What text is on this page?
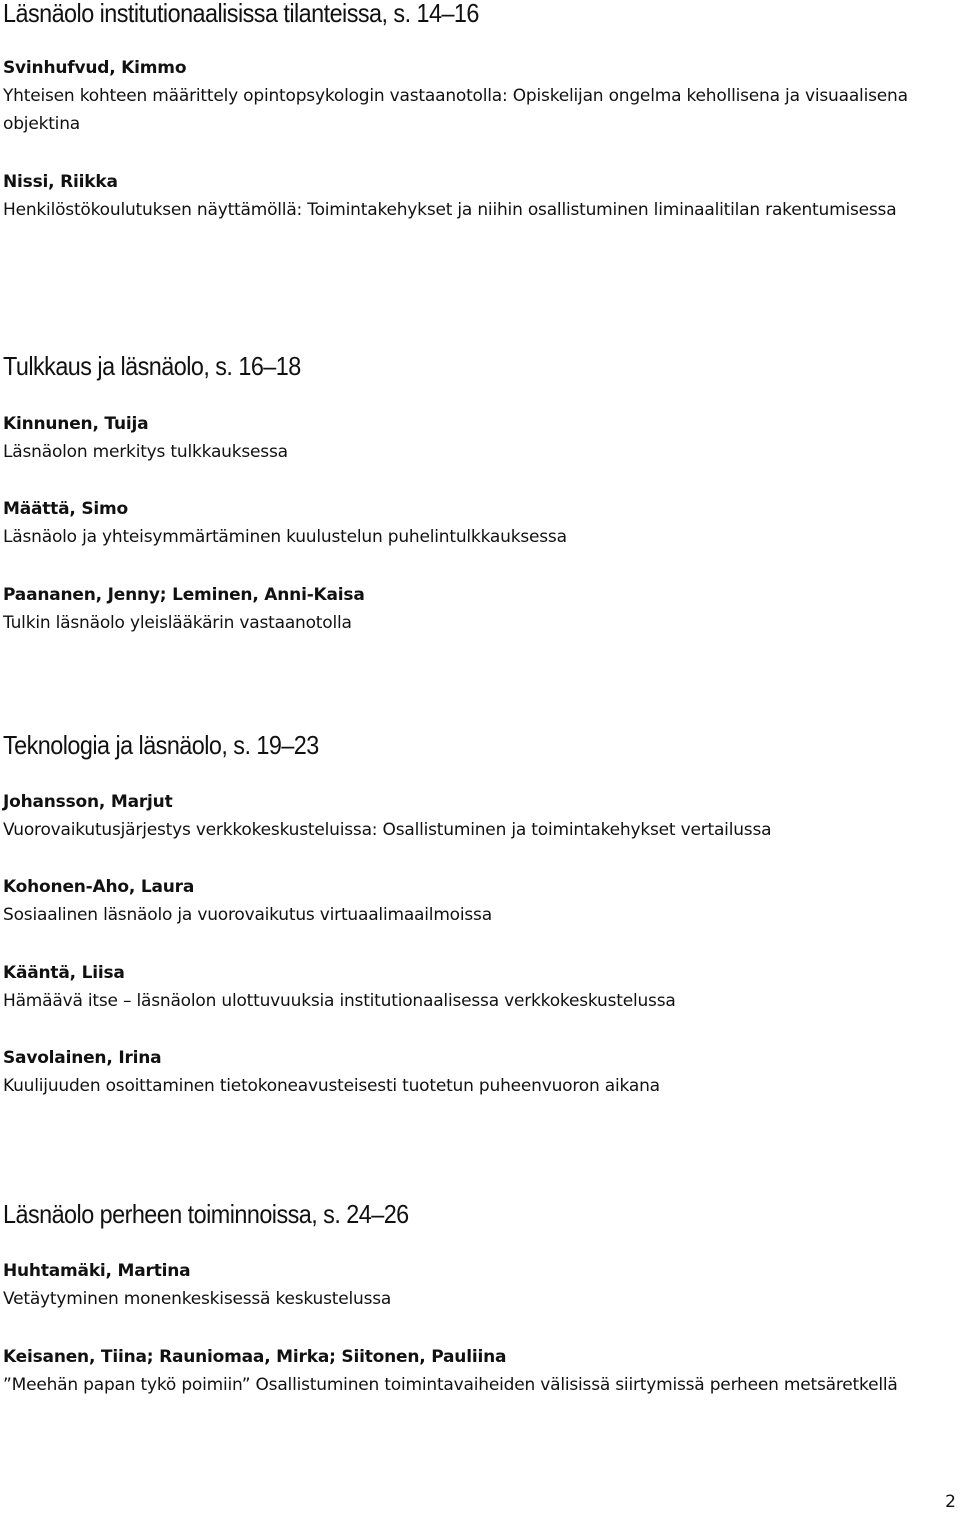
Läsnäolo institutionaalisissa tilanteissa, s. 14–16

Svinhufvud, Kimmo

Yhteisen kohteen määrittely opintopsykologin vastaanotolla: Opiskelijan ongelma kehollisena ja visuaalisena objektina

Nissi, Riikka

Henkilöstökoulutuksen näyttämöllä: Toimintakehykset ja niihin osallistuminen liminaalitilan rakentumisessa

Tulkkaus ja läsnäolo, s. 16–18

Kinnunen, Tuija

Läsnäolon merkitys tulkkauksessa

Määttä, Simo

Läsnäolo ja yhteisymmärtäminen kuulustelun puhelintulkkauksessa

Paananen, Jenny; Leminen, Anni-Kaisa

Tulkin läsnäolo yleislääkärin vastaanotolla

Teknologia ja läsnäolo, s. 19–23

Johansson, Marjut

Vuorovaikutusjärjestys verkkokeskusteluissa: Osallistuminen ja toimintakehykset vertailussa

Kohonen-Aho, Laura

Sosiaalinen läsnäolo ja vuorovaikutus virtuaalimaailmoissa

Kääntä, Liisa

Hämäävä itse – läsnäolon ulottuvuuksia institutionaalisessa verkkokeskustelussa

Savolainen, Irina

Kuulijuuden osoittaminen tietokoneavusteisesti tuotetun puheenvuoron aikana

Läsnäolo perheen toiminnoissa, s. 24–26

Huhtamäki, Martina

Vetäytyminen monenkeskisessä keskustelussa

Keisanen, Tiina; Rauniomaa, Mirka; Siitonen, Pauliina

”Meehän papan tykö poimiin” Osallistuminen toimintavaiheiden välisissä siirtymissä perheen metsäretkellä

2
